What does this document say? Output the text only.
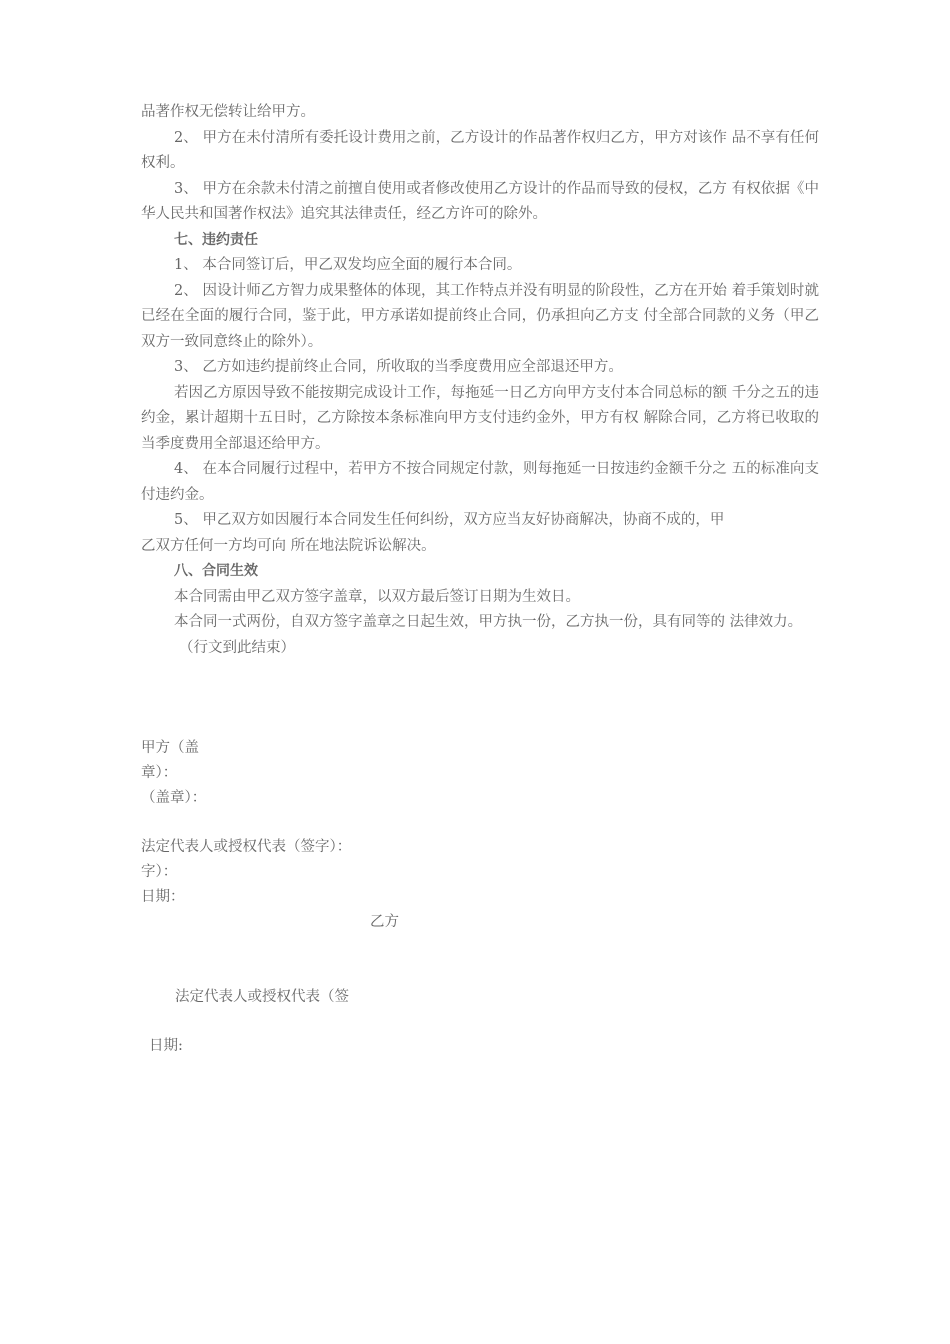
品著作权无偿转让给甲方。

2、 甲方在未付清所有委托设计费用之前，乙方设计的作品著作权归乙方，甲方对该作 品不享有任何权利。

3、 甲方在余款未付清之前擅自使用或者修改使用乙方设计的作品而导致的侵权，乙方 有权依据《中华人民共和国著作权法》追究其法律责任，经乙方许可的除外。

七、违约责任

1、 本合同签订后，甲乙双发均应全面的履行本合同。

2、 因设计师乙方智力成果整体的体现，其工作特点并没有明显的阶段性，乙方在开始 着手策划时就已经在全面的履行合同，鉴于此，甲方承诺如提前终止合同，仍承担向乙方支 付全部合同款的义务（甲乙双方一致同意终止的除外）。

3、 乙方如违约提前终止合同，所收取的当季度费用应全部退还甲方。

若因乙方原因导致不能按期完成设计工作，每拖延一日乙方向甲方支付本合同总标的额 千分之五的违约金，累计超期十五日时，乙方除按本条标准向甲方支付违约金外，甲方有权 解除合同，乙方将已收取的当季度费用全部退还给甲方。

4、 在本合同履行过程中，若甲方不按合同规定付款，则每拖延一日按违约金额千分之 五的标准向支付违约金。

5、 甲乙双方如因履行本合同发生任何纠纷，双方应当友好协商解决，协商不成的，甲

乙双方任何一方均可向 所在地法院诉讼解决。

八、合同生效

本合同需由甲乙双方签字盖章，以双方最后签订日期为生效日。

本合同一式两份，自双方签字盖章之日起生效，甲方执一份，乙方执一份，具有同等的 法律效力。

（行文到此结束）

甲方（盖
章）：
（盖章）：
法定代表人或授权代表（签字）：
字）：
日期：
乙方
法定代表人或授权代表（签
日期:
